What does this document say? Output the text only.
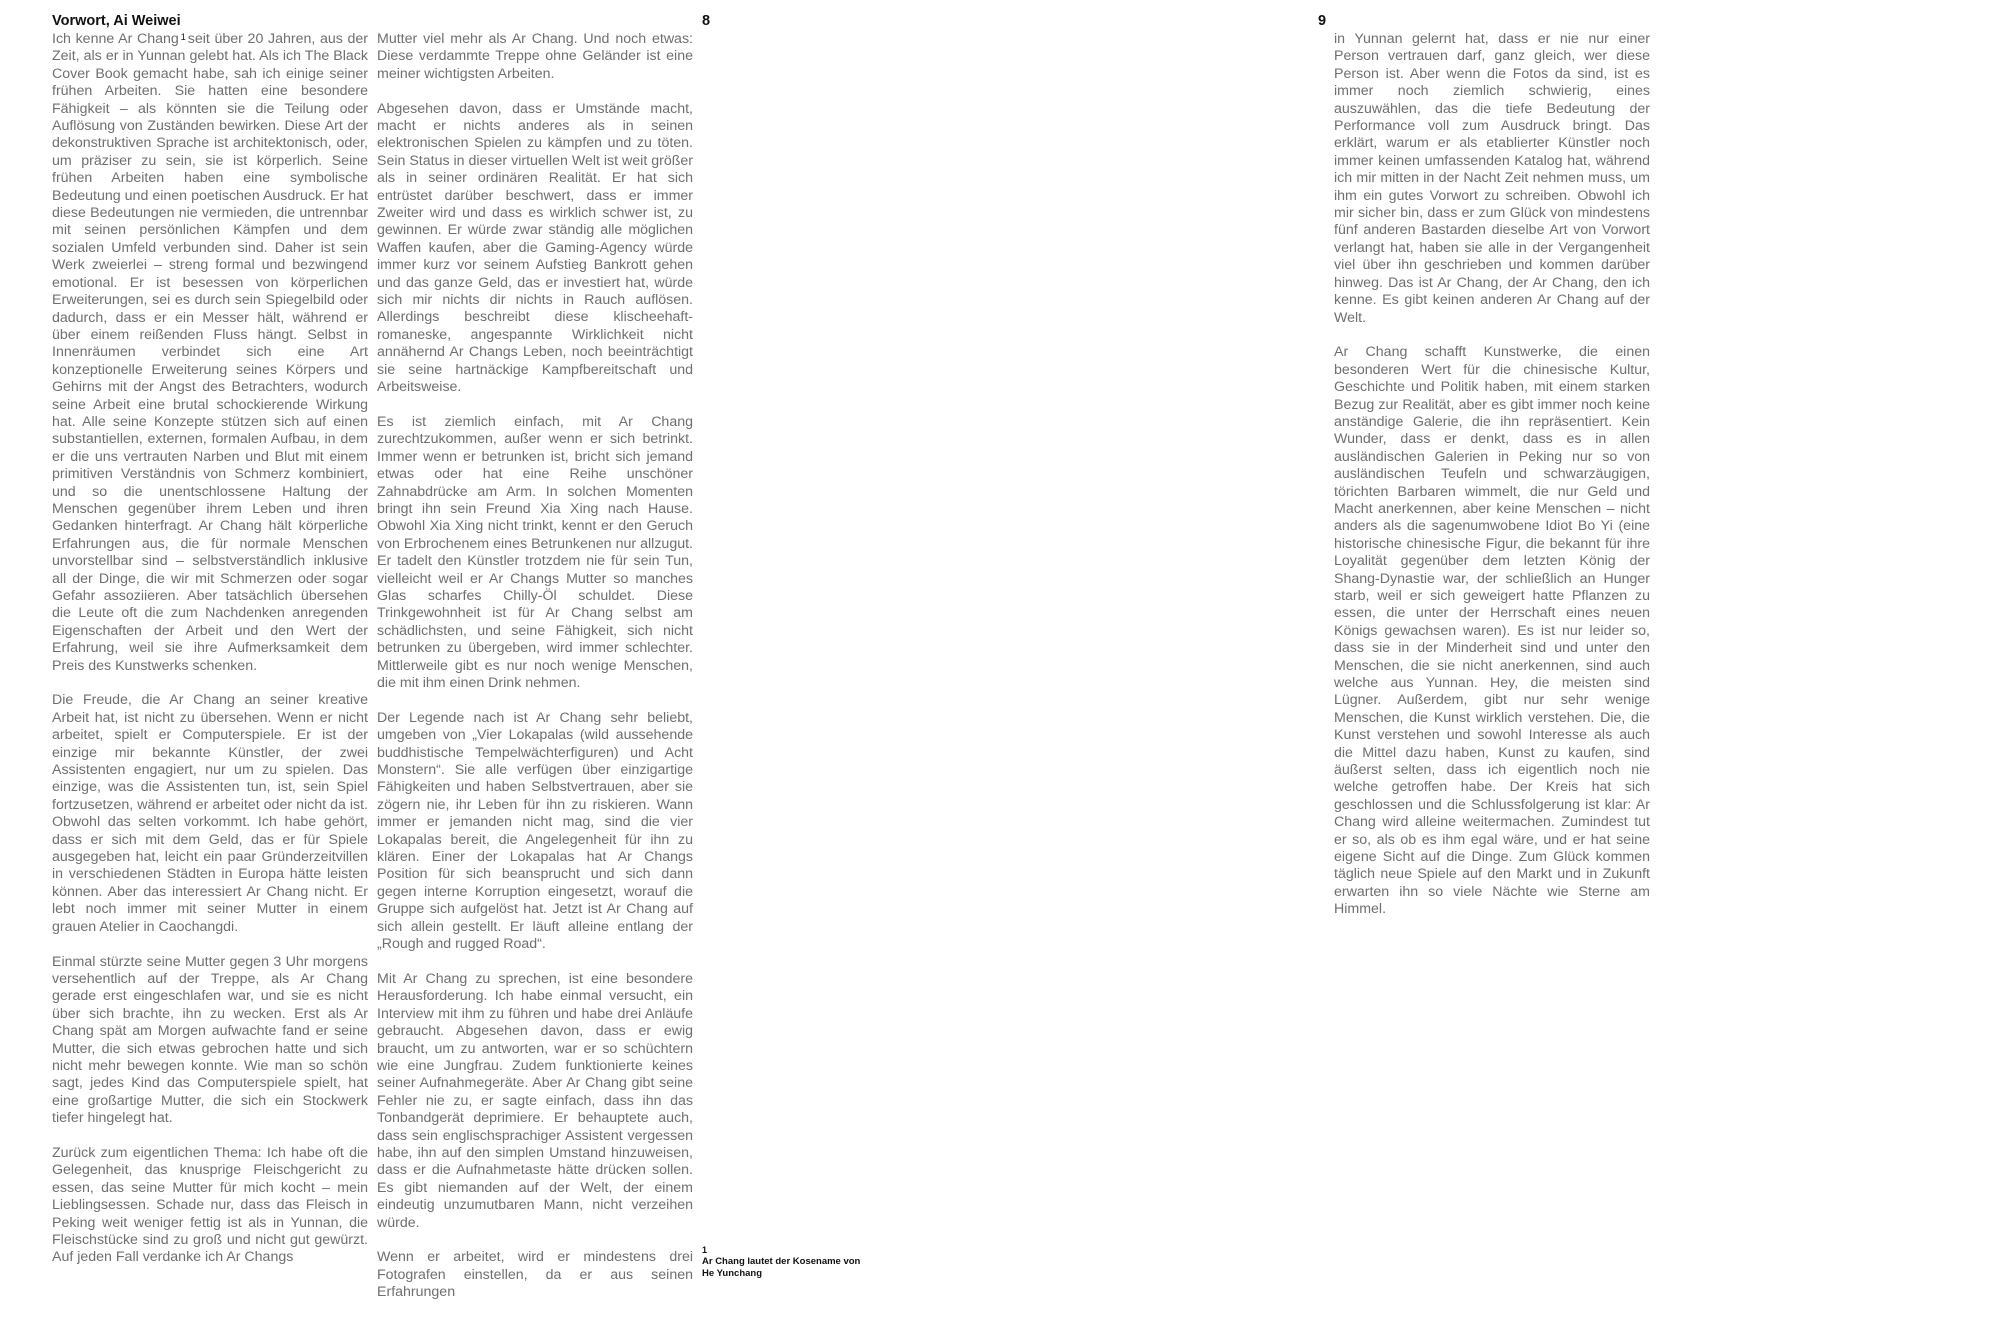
Vorwort, Ai Weiwei	8	9

Ich kenne Ar Chang $^1$ seit über 20 Jahren, aus der Zeit, als er in Yunnan gelebt hat. Als ich The Black Cover Book gemacht habe, sah ich einige seiner frühen Arbeiten. Sie hatten eine besondere Fähigkeit – als könnten sie die Teilung oder Auflösung von Zuständen bewirken. Diese Art der dekonstruktiven Sprache ist architektonisch, oder, um präziser zu sein, sie ist körperlich. Seine frühen Arbeiten haben eine symbolische Bedeutung und einen poetischen Ausdruck. Er hat diese Bedeutungen nie vermieden, die untrennbar mit seinen persönlichen Kämpfen und dem sozialen Umfeld verbunden sind. Daher ist sein Werk zweierlei – streng formal und bezwingend emotional. Er ist besessen von körperlichen Erweiterungen, sei es durch sein Spiegelbild oder dadurch, dass er ein Messer hält, während er über einem reißenden Fluss hängt. Selbst in Innenräumen verbindet sich eine Art konzeptionelle Erweiterung seines Körpers und Gehirns mit der Angst des Betrachters, wodurch seine Arbeit eine brutal schockierende Wirkung hat. Alle seine Konzepte stützen sich auf einen substantiellen, externen, formalen Aufbau, in dem er die uns vertrauten Narben und Blut mit einem primitiven Verständnis von Schmerz kombiniert, und so die unentschlossene Haltung der Menschen gegenüber ihrem Leben und ihren Gedanken hinterfragt. Ar Chang hält körperliche Erfahrungen aus, die für normale Menschen unvorstellbar sind – selbstverständlich inklusive all der Dinge, die wir mit Schmerzen oder sogar Gefahr assoziieren. Aber tatsächlich übersehen die Leute oft die zum Nachdenken anregenden Eigenschaften der Arbeit und den Wert der Erfahrung, weil sie ihre Aufmerksamkeit dem Preis des Kunstwerks schenken.

Die Freude, die Ar Chang an seiner kreative Arbeit hat, ist nicht zu übersehen. Wenn er nicht arbeitet, spielt er Computerspiele. Er ist der einzige mir bekannte Künstler, der zwei Assistenten engagiert, nur um zu spielen. Das einzige, was die Assistenten tun, ist, sein Spiel fortzusetzen, während er arbeitet oder nicht da ist. Obwohl das selten vorkommt. Ich habe gehört, dass er sich mit dem Geld, das er für Spiele ausgegeben hat, leicht ein paar Gründerzeitvillen in verschiedenen Städten in Europa hätte leisten können. Aber das interessiert Ar Chang nicht. Er lebt noch immer mit seiner Mutter in einem grauen Atelier in Caochangdi.

Einmal stürzte seine Mutter gegen 3 Uhr morgens versehentlich auf der Treppe, als Ar Chang gerade erst eingeschlafen war, und sie es nicht über sich brachte, ihn zu wecken. Erst als Ar Chang spät am Morgen aufwachte fand er seine Mutter, die sich etwas gebrochen hatte und sich nicht mehr bewegen konnte. Wie man so schön sagt, jedes Kind das Computerspiele spielt, hat eine großartige Mutter, die sich ein Stockwerk tiefer hingelegt hat.

Zurück zum eigentlichen Thema: Ich habe oft die Gelegenheit, das knusprige Fleischgericht zu essen, das seine Mutter für mich kocht – mein Lieblingsessen. Schade nur, dass das Fleisch in Peking weit weniger fettig ist als in Yunnan, die Fleischstücke sind zu groß und nicht gut gewürzt. Auf jeden Fall verdanke ich Ar Changs

Mutter viel mehr als Ar Chang. Und noch etwas: Diese verdammte Treppe ohne Geländer ist eine meiner wichtigsten Arbeiten.

Abgesehen davon, dass er Umstände macht, macht er nichts anderes als in seinen elektronischen Spielen zu kämpfen und zu töten. Sein Status in dieser virtuellen Welt ist weit größer als in seiner ordinären Realität. Er hat sich entrüstet darüber beschwert, dass er immer Zweiter wird und dass es wirklich schwer ist, zu gewinnen. Er würde zwar ständig alle möglichen Waffen kaufen, aber die Gaming-Agency würde immer kurz vor seinem Aufstieg Bankrott gehen und das ganze Geld, das er investiert hat, würde sich mir nichts dir nichts in Rauch auflösen. Allerdings beschreibt diese klischeehaft-romaneske, angespannte Wirklichkeit nicht annähernd Ar Changs Leben, noch beeinträchtigt sie seine hartnäckige Kampfbereitschaft und Arbeitsweise.

Es ist ziemlich einfach, mit Ar Chang zurechtzukommen, außer wenn er sich betrinkt. Immer wenn er betrunken ist, bricht sich jemand etwas oder hat eine Reihe unschöner Zahnabdrücke am Arm. In solchen Momenten bringt ihn sein Freund Xia Xing nach Hause. Obwohl Xia Xing nicht trinkt, kennt er den Geruch von Erbrochenem eines Betrunkenen nur allzugut. Er tadelt den Künstler trotzdem nie für sein Tun, vielleicht weil er Ar Changs Mutter so manches Glas scharfes Chilly-Öl schuldet. Diese Trinkgewohnheit ist für Ar Chang selbst am schädlichsten, und seine Fähigkeit, sich nicht betrunken zu übergeben, wird immer schlechter. Mittlerweile gibt es nur noch wenige Menschen, die mit ihm einen Drink nehmen.

Der Legende nach ist Ar Chang sehr beliebt, umgeben von „Vier Lokapalas (wild aussehende buddhistische Tempelwächterfiguren) und Acht Monstern“. Sie alle verfügen über einzigartige Fähigkeiten und haben Selbstvertrauen, aber sie zögern nie, ihr Leben für ihn zu riskieren. Wann immer er jemanden nicht mag, sind die vier Lokapalas bereit, die Angelegenheit für ihn zu klären. Einer der Lokapalas hat Ar Changs Position für sich beansprucht und sich dann gegen interne Korruption eingesetzt, worauf die Gruppe sich aufgelöst hat. Jetzt ist Ar Chang auf sich allein gestellt. Er läuft alleine entlang der „Rough and rugged Road“.

Mit Ar Chang zu sprechen, ist eine besondere Herausforderung. Ich habe einmal versucht, ein Interview mit ihm zu führen und habe drei Anläufe gebraucht. Abgesehen davon, dass er ewig braucht, um zu antworten, war er so schüchtern wie eine Jungfrau. Zudem funktionierte keines seiner Aufnahmegeräte. Aber Ar Chang gibt seine Fehler nie zu, er sagte einfach, dass ihn das Tonbandgerät deprimiere. Er behauptete auch, dass sein englischsprachiger Assistent vergessen habe, ihn auf den simplen Umstand hinzuweisen, dass er die Aufnahmetaste hätte drücken sollen. Es gibt niemanden auf der Welt, der einem eindeutig unzumutbaren Mann, nicht verzeihen würde.

Wenn er arbeitet, wird er mindestens drei Fotografen einstellen, da er aus seinen Erfahrungen

1
Ar Chang lautet der Kosename von He Yunchang

in Yunnan gelernt hat, dass er nie nur einer Person vertrauen darf, ganz gleich, wer diese Person ist. Aber wenn die Fotos da sind, ist es immer noch ziemlich schwierig, eines auszuwählen, das die tiefe Bedeutung der Performance voll zum Ausdruck bringt. Das erklärt, warum er als etablierter Künstler noch immer keinen umfassenden Katalog hat, während ich mir mitten in der Nacht Zeit nehmen muss, um ihm ein gutes Vorwort zu schreiben. Obwohl ich mir sicher bin, dass er zum Glück von mindestens fünf anderen Bastarden dieselbe Art von Vorwort verlangt hat, haben sie alle in der Vergangenheit viel über ihn geschrieben und kommen darüber hinweg. Das ist Ar Chang, der Ar Chang, den ich kenne. Es gibt keinen anderen Ar Chang auf der Welt.

Ar Chang schafft Kunstwerke, die einen besonderen Wert für die chinesische Kultur, Geschichte und Politik haben, mit einem starken Bezug zur Realität, aber es gibt immer noch keine anständige Galerie, die ihn repräsentiert. Kein Wunder, dass er denkt, dass es in allen ausländischen Galerien in Peking nur so von ausländischen Teufeln und schwarzäugigen, törichten Barbaren wimmelt, die nur Geld und Macht anerkennen, aber keine Menschen – nicht anders als die sagenumwobene Idiot Bo Yi (eine historische chinesische Figur, die bekannt für ihre Loyalität gegenüber dem letzten König der Shang-Dynastie war, der schließlich an Hunger starb, weil er sich geweigert hatte Pflanzen zu essen, die unter der Herrschaft eines neuen Königs gewachsen waren). Es ist nur leider so, dass sie in der Minderheit sind und unter den Menschen, die sie nicht anerkennen, sind auch welche aus Yunnan. Hey, die meisten sind Lügner. Außerdem, gibt nur sehr wenige Menschen, die Kunst wirklich verstehen. Die, die Kunst verstehen und sowohl Interesse als auch die Mittel dazu haben, Kunst zu kaufen, sind äußerst selten, dass ich eigentlich noch nie welche getroffen habe. Der Kreis hat sich geschlossen und die Schlussfolgerung ist klar: Ar Chang wird alleine weitermachen. Zumindest tut er so, als ob es ihm egal wäre, und er hat seine eigene Sicht auf die Dinge. Zum Glück kommen täglich neue Spiele auf den Markt und in Zukunft erwarten ihn so viele Nächte wie Sterne am Himmel.
